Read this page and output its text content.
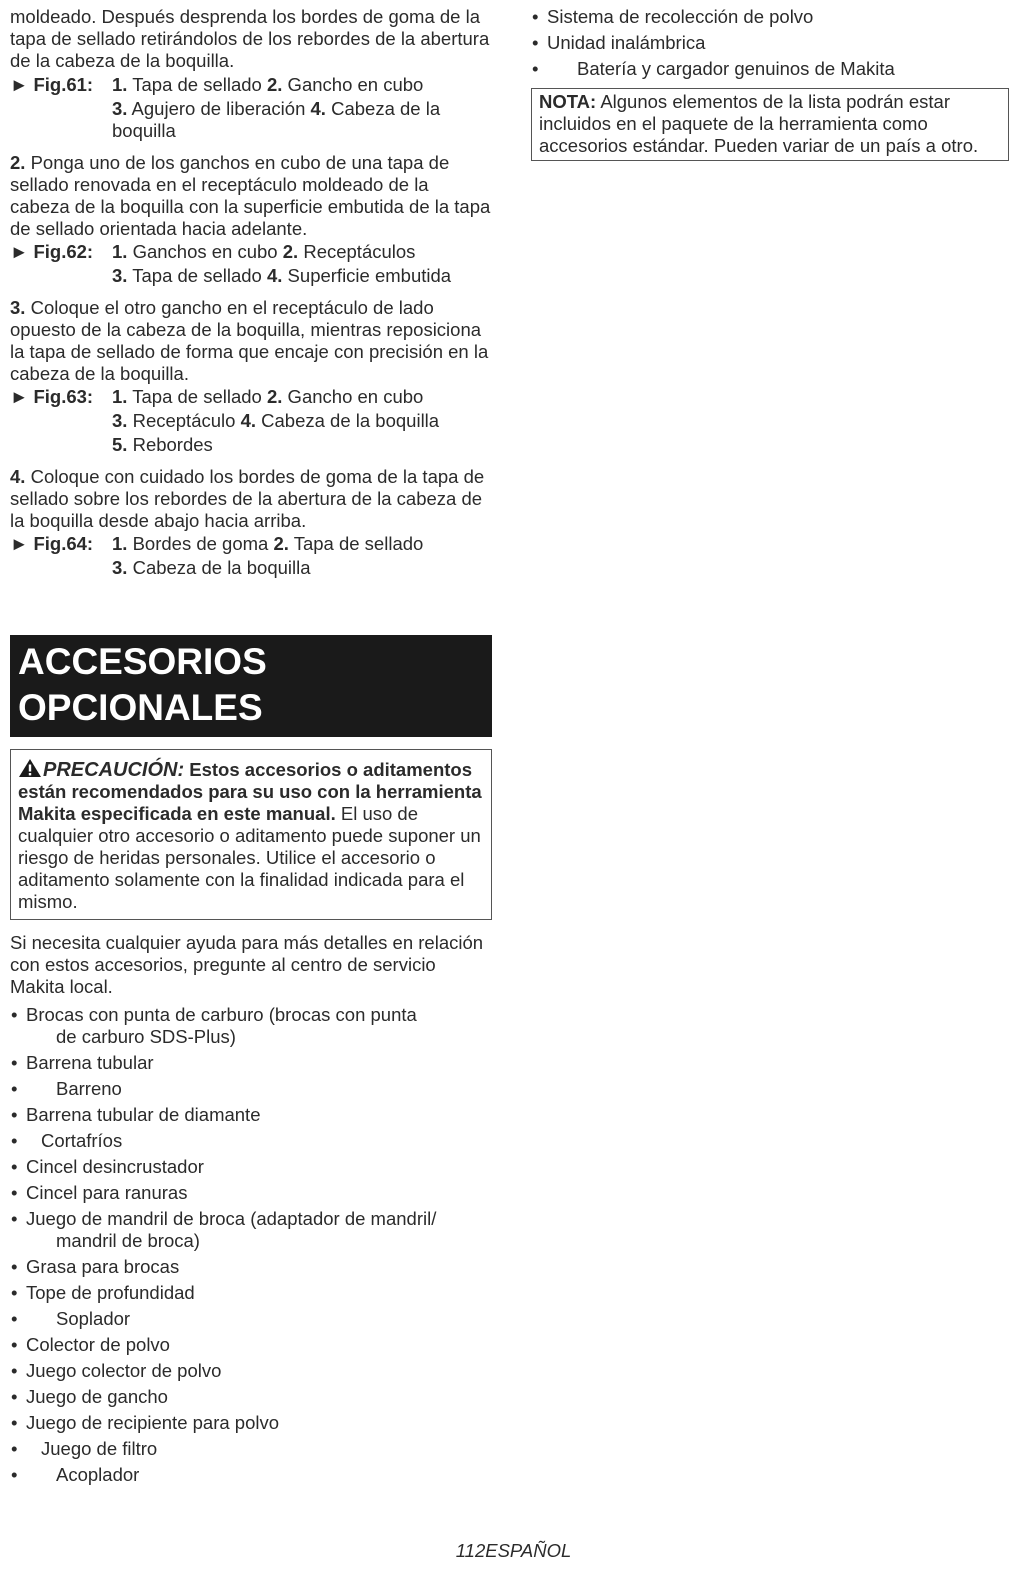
moldeado. Después desprenda los bordes de goma de la tapa de sellado retirándolos de los rebordes de la abertura de la cabeza de la boquilla.

► Fig.61: 1. Tapa de sellado 2. Gancho en cubo
3. Agujero de liberación 4. Cabeza de la boquilla

2. Ponga uno de los ganchos en cubo de una tapa de sellado renovada en el receptáculo moldeado de la cabeza de la boquilla con la superficie embutida de la tapa de sellado orientada hacia adelante.

► Fig.62: 1. Ganchos en cubo 2. Receptáculos
3. Tapa de sellado 4. Superficie embutida

3. Coloque el otro gancho en el receptáculo de lado opuesto de la cabeza de la boquilla, mientras reposiciona la tapa de sellado de forma que encaje con precisión en la cabeza de la boquilla.

► Fig.63: 1. Tapa de sellado 2. Gancho en cubo
3. Receptáculo 4. Cabeza de la boquilla
5. Rebordes

4. Coloque con cuidado los bordes de goma de la tapa de sellado sobre los rebordes de la abertura de la cabeza de la boquilla desde abajo hacia arriba.

► Fig.64: 1. Bordes de goma 2. Tapa de sellado
3. Cabeza de la boquilla
ACCESORIOS
OPCIONALES
PRECAUCIÓN: Estos accesorios o aditamentos están recomendados para su uso con la herramienta Makita especificada en este manual. El uso de cualquier otro accesorio o aditamento puede suponer un riesgo de heridas personales. Utilice el accesorio o aditamento solamente con la finalidad indicada para el mismo.

Si necesita cualquier ayuda para más detalles en relación con estos accesorios, pregunte al centro de servicio Makita local.

• Brocas con punta de carburo (brocas con punta
de carburo SDS-Plus)
• Barrena tubular
• Barreno
• Barrena tubular de diamante
• Cortafríos
• Cincel desincrustador
• Cincel para ranuras
• Juego de mandril de broca (adaptador de mandril/
mandril de broca)
• Grasa para brocas
• Tope de profundidad
• Soplador
• Colector de polvo
• Juego colector de polvo
• Juego de gancho
• Juego de recipiente para polvo
• Juego de filtro
• Acoplador
• Sistema de recolección de polvo
• Unidad inalámbrica
• Batería y cargador genuinos de Makita
NOTA: Algunos elementos de la lista podrán estar incluidos en el paquete de la herramienta como accesorios estándar. Pueden variar de un país a otro.
112ESPAÑOL
